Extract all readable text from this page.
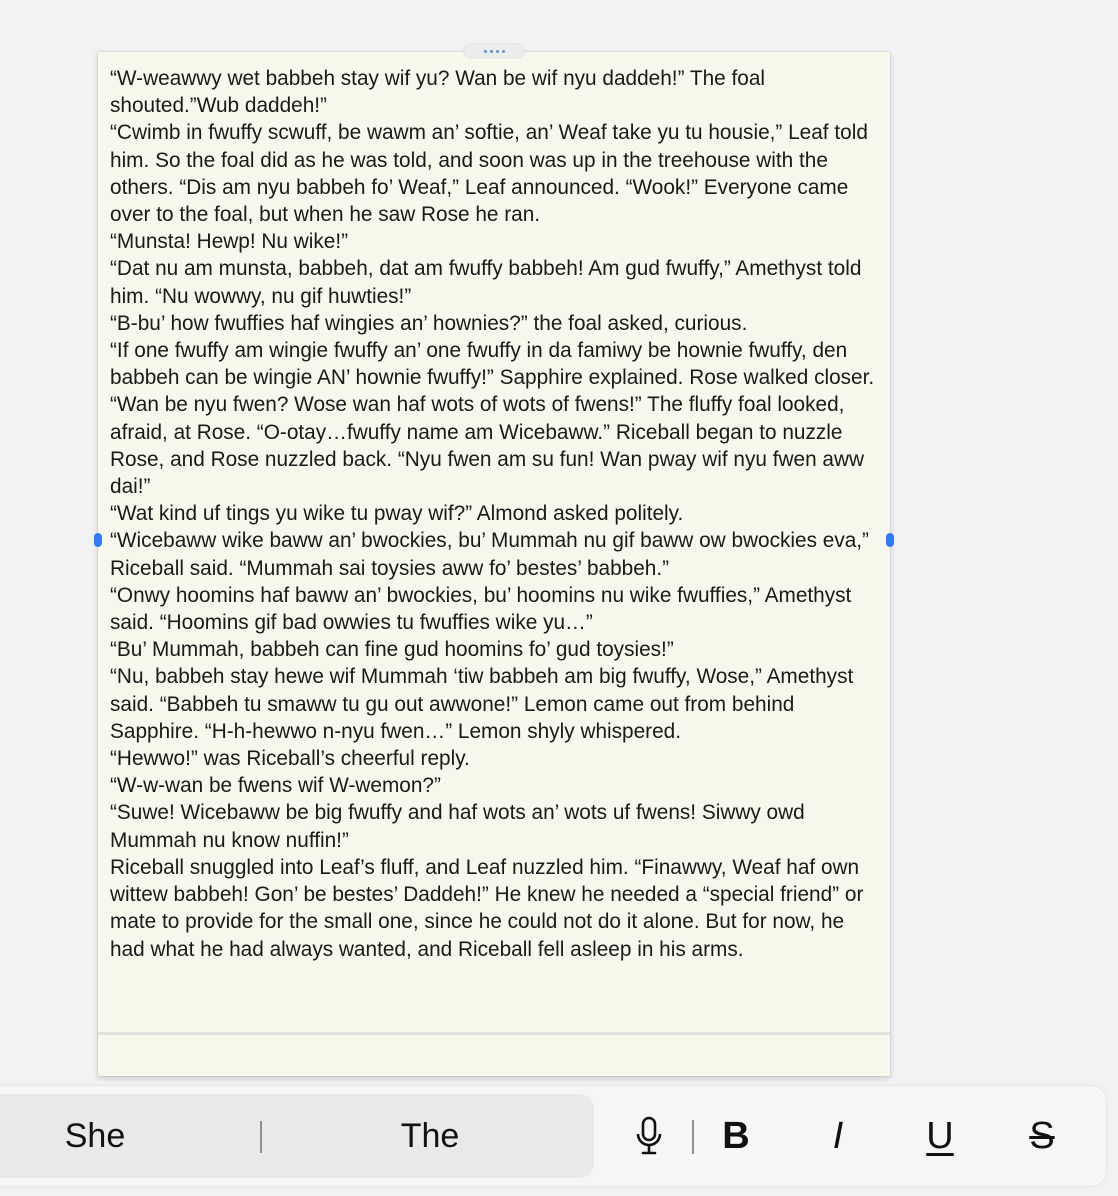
“W-weawwy wet babbeh stay wif yu? Wan be wif nyu daddeh!” The foal shouted.”Wub daddeh!”

“Cwimb in fwuffy scwuff, be wawm an’ softie, an’ Weaf take yu tu housie,” Leaf told him. So the foal did as he was told, and soon was up in the treehouse with the others. “Dis am nyu babbeh fo’ Weaf,” Leaf announced. “Wook!” Everyone came over to the foal, but when he saw Rose he ran.

“Munsta! Hewp! Nu wike!”

“Dat nu am munsta, babbeh, dat am fwuffy babbeh! Am gud fwuffy,” Amethyst told him. “Nu wowwy, nu gif huwties!”

“B-bu’ how fwuffies haf wingies an’ hownies?” the foal asked, curious.

“If one fwuffy am wingie fwuffy an’ one fwuffy in da famiwy be hownie fwuffy, den babbeh can be wingie AN’ hownie fwuffy!” Sapphire explained. Rose walked closer. “Wan be nyu fwen? Wose wan haf wots of wots of fwens!” The fluffy foal looked, afraid, at Rose. “O-otay…fwuffy name am Wicebaww.” Riceball began to nuzzle Rose, and Rose nuzzled back. “Nyu fwen am su fun! Wan pway wif nyu fwen aww dai!”

“Wat kind uf tings yu wike tu pway wif?” Almond asked politely.

“Wicebaww wike baww an’ bwockies, bu’ Mummah nu gif baww ow bwockies eva,” Riceball said. “Mummah sai toysies aww fo’ bestes’ babbeh.”

“Onwy hoomins haf baww an’ bwockies, bu’ hoomins nu wike fwuffies,” Amethyst said. “Hoomins gif bad owwies tu fwuffies wike yu…”

“Bu’ Mummah, babbeh can fine gud hoomins fo’ gud toysies!”

“Nu, babbeh stay hewe wif Mummah ‘tiw babbeh am big fwuffy, Wose,” Amethyst said. “Babbeh tu smaww tu gu out awwone!” Lemon came out from behind Sapphire. “H-h-hewwo n-nyu fwen…” Lemon shyly whispered.

“Hewwo!” was Riceball’s cheerful reply.

“W-w-wan be fwens wif W-wemon?”

“Suwe! Wicebaww be big fwuffy and haf wots an’ wots uf fwens! Siwwy owd Mummah nu know nuffin!”

Riceball snuggled into Leaf’s fluff, and Leaf nuzzled him. “Finawwy, Weaf haf own wittew babbeh! Gon’ be bestes’ Daddeh!” He knew he needed a “special friend” or mate to provide for the small one, since he could not do it alone. But for now, he had what he had always wanted, and Riceball fell asleep in his arms.

She	The	B I U S
